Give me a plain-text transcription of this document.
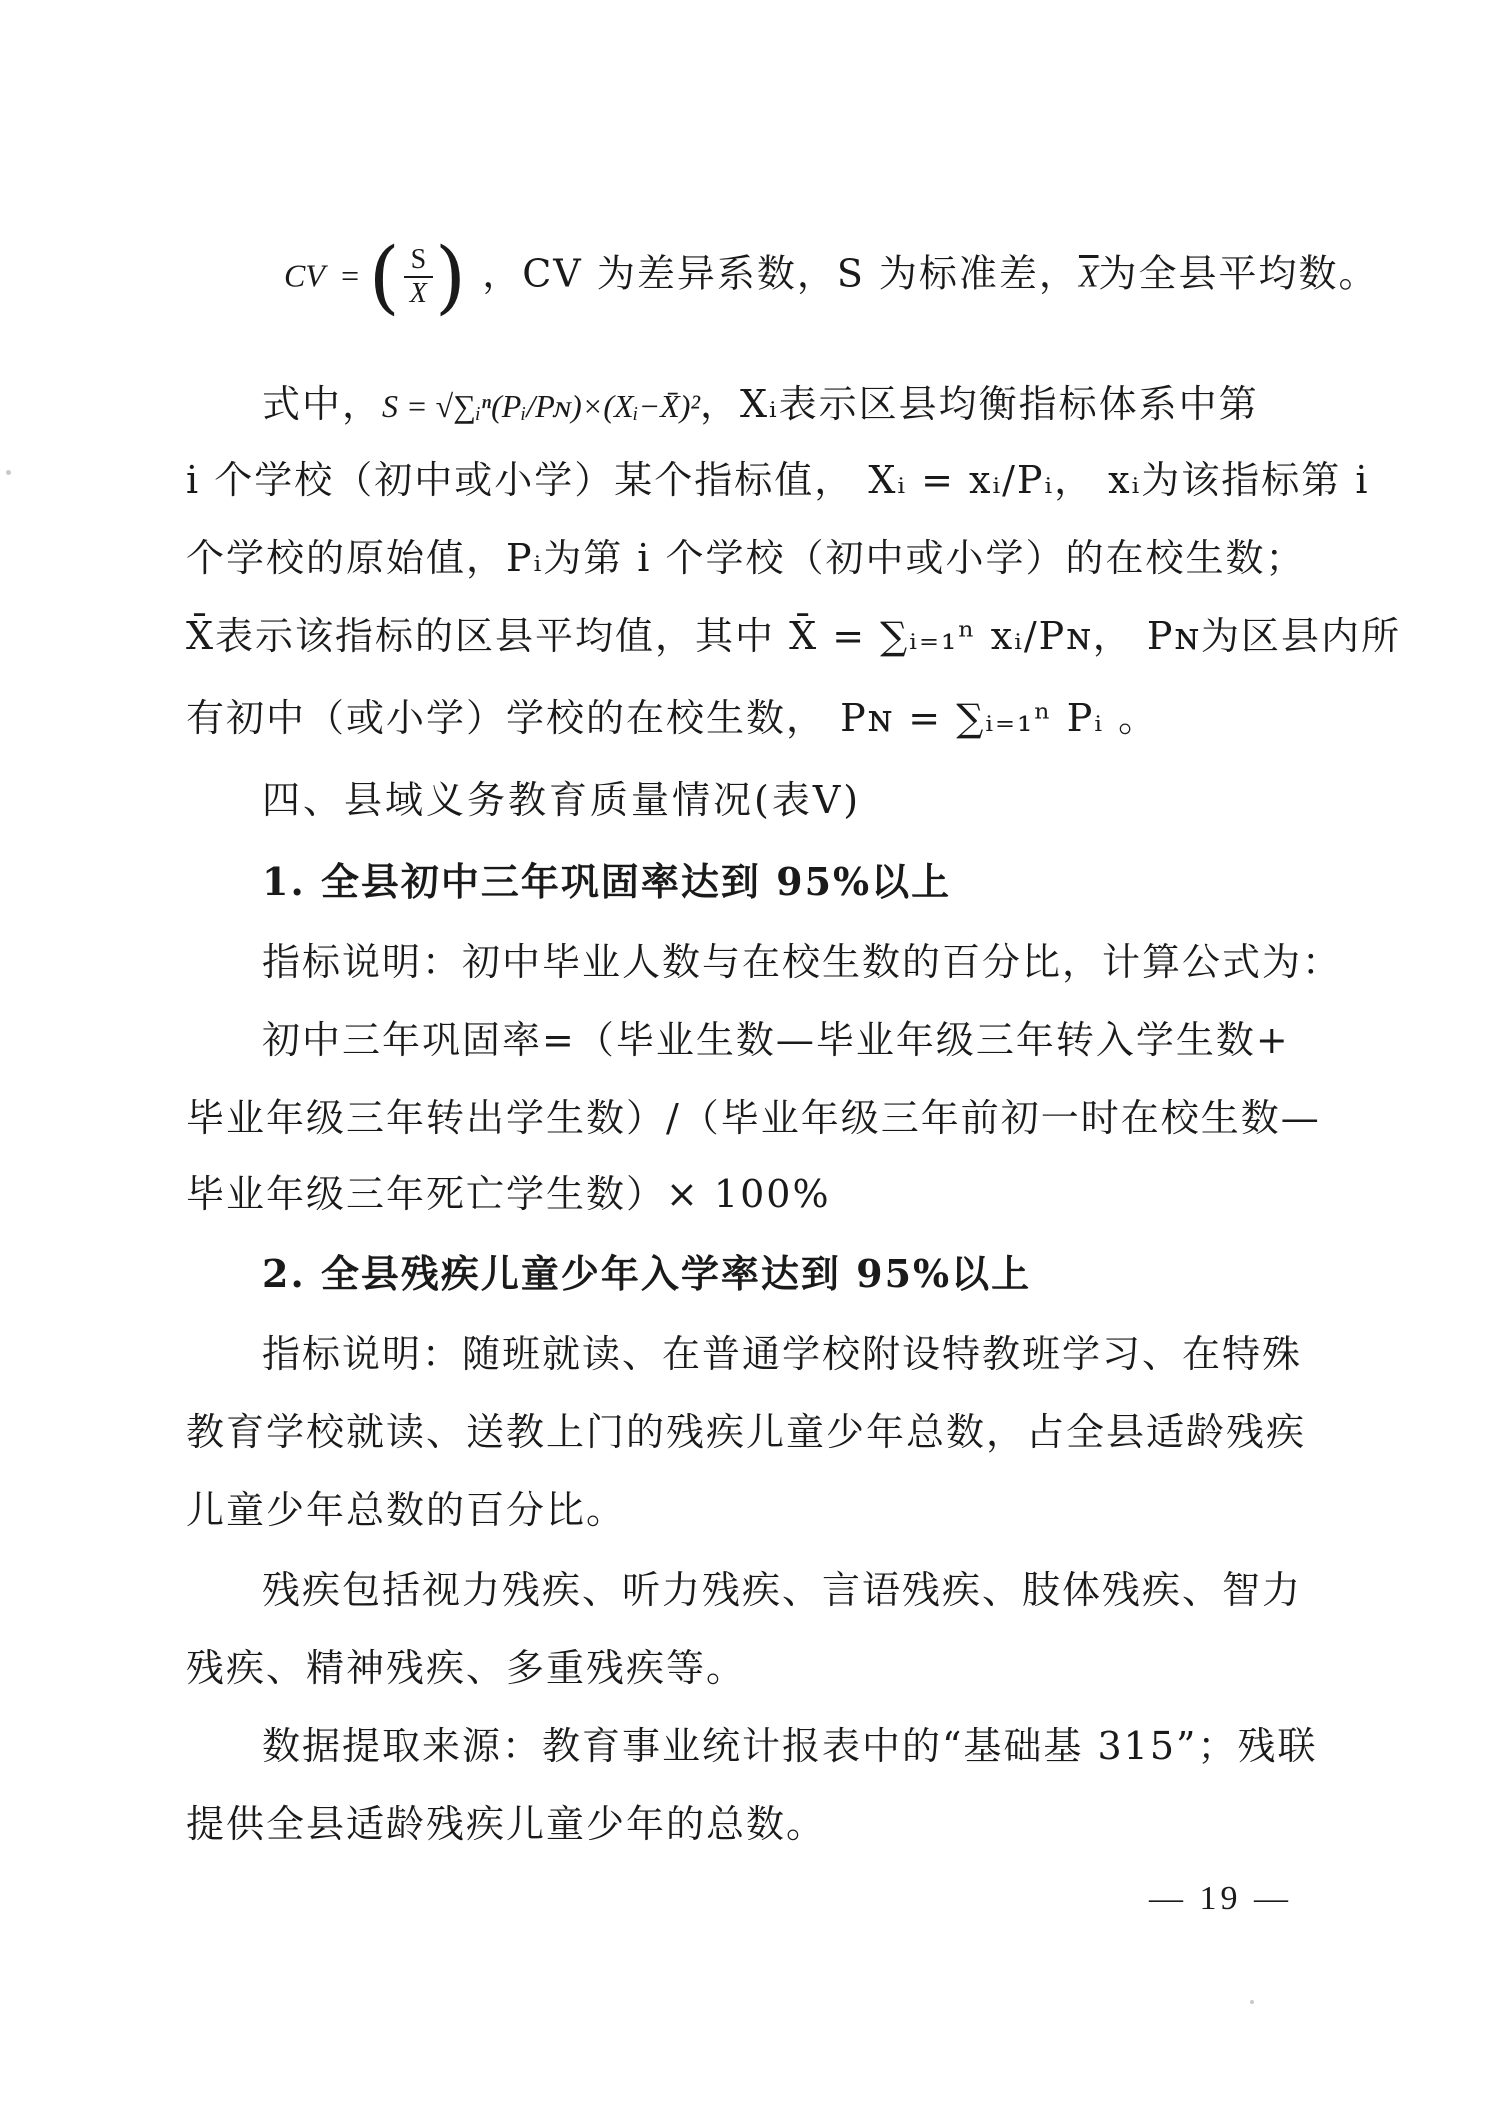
CV = ( $\frac{S}{X}$ ) ，CV 为差异系数，S 为标准差，$\overline{X}$为全县平均数。
式中，S = √∑ᵢⁿ(Pᵢ/Pɴ)×(Xᵢ−X̄)²，Xᵢ表示区县均衡指标体系中第
i 个学校（初中或小学）某个指标值， Xᵢ = xᵢ/Pᵢ， xᵢ为该指标第 i
个学校的原始值，Pᵢ为第 i 个学校（初中或小学）的在校生数；
X̄表示该指标的区县平均值，其中 X̄ = ∑ᵢ₌₁ⁿ xᵢ/Pɴ， Pɴ为区县内所
有初中（或小学）学校的在校生数， Pɴ = ∑ᵢ₌₁ⁿ Pᵢ 。
四、县域义务教育质量情况(表Ⅴ)
1. 全县初中三年巩固率达到 95%以上
指标说明：初中毕业人数与在校生数的百分比，计算公式为：
初中三年巩固率=（毕业生数—毕业年级三年转入学生数+
毕业年级三年转出学生数）/（毕业年级三年前初一时在校生数—
毕业年级三年死亡学生数）× 100%
2. 全县残疾儿童少年入学率达到 95%以上
指标说明：随班就读、在普通学校附设特教班学习、在特殊
教育学校就读、送教上门的残疾儿童少年总数，占全县适龄残疾
儿童少年总数的百分比。
残疾包括视力残疾、听力残疾、言语残疾、肢体残疾、智力
残疾、精神残疾、多重残疾等。
数据提取来源：教育事业统计报表中的“基础基 315”；残联
提供全县适龄残疾儿童少年的总数。
— 19 —
